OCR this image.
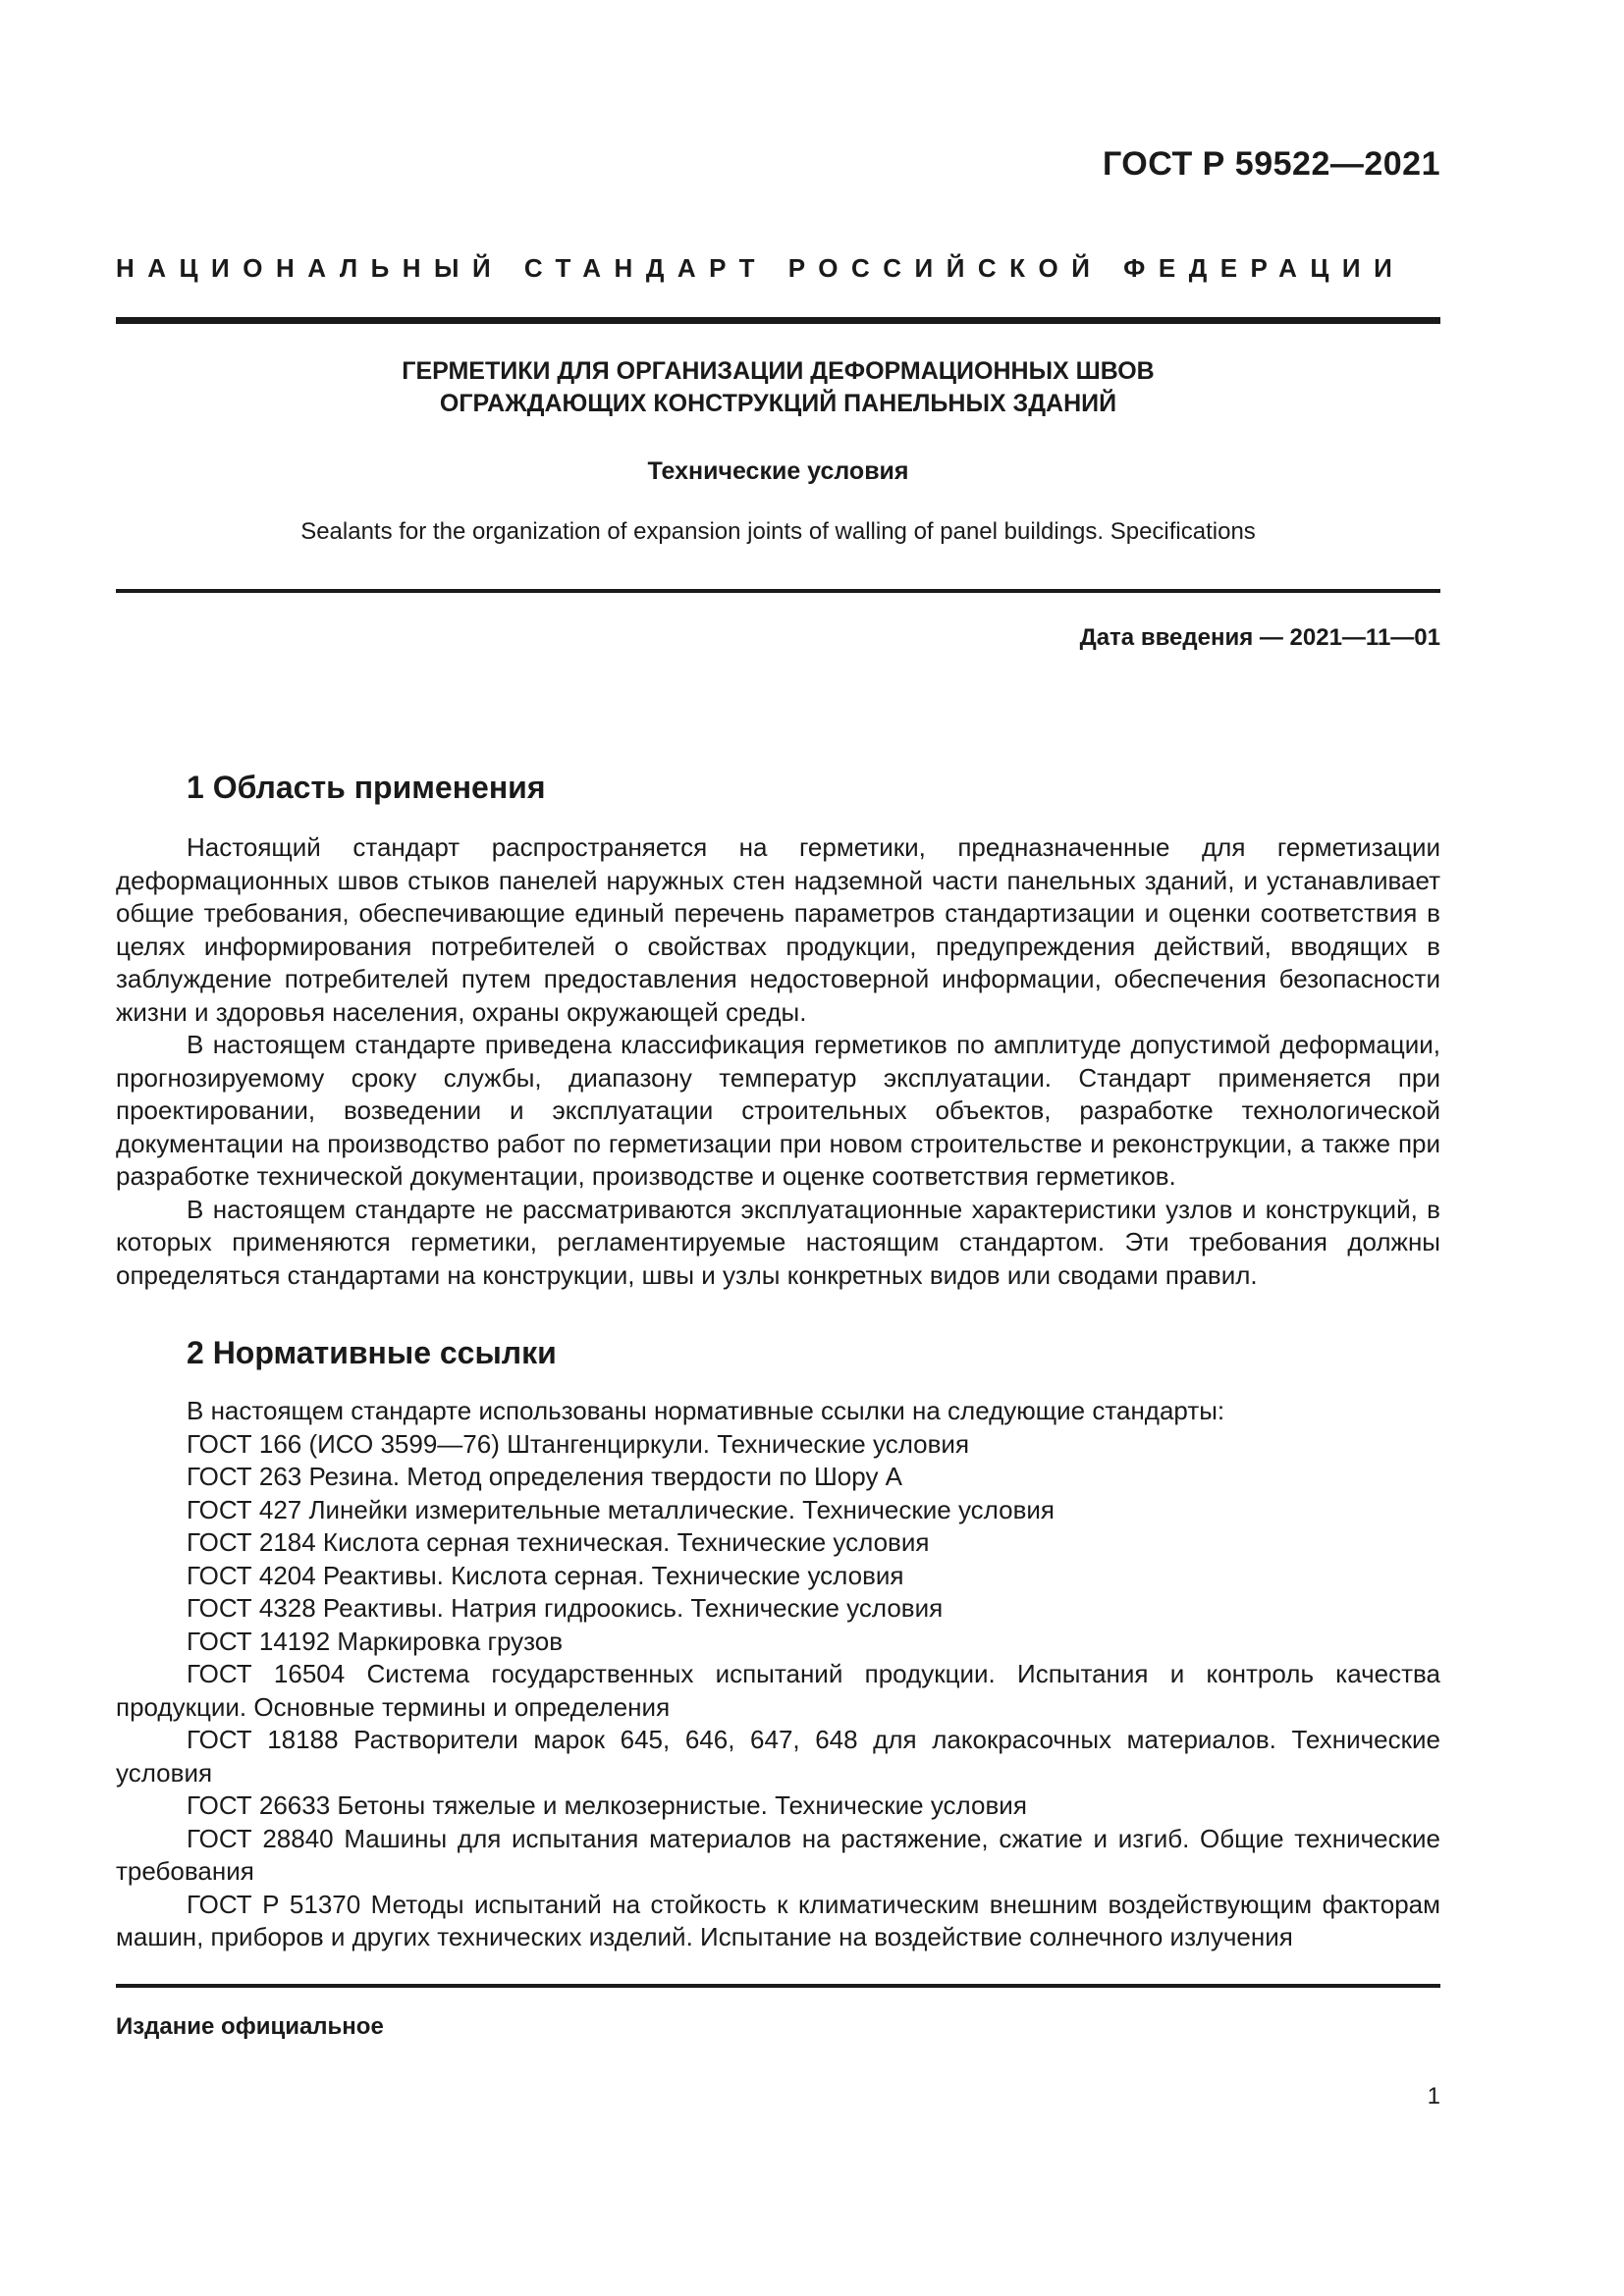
ГОСТ Р 59522—2021
НАЦИОНАЛЬНЫЙ СТАНДАРТ РОССИЙСКОЙ ФЕДЕРАЦИИ
ГЕРМЕТИКИ ДЛЯ ОРГАНИЗАЦИИ ДЕФОРМАЦИОННЫХ ШВОВ
ОГРАЖДАЮЩИХ КОНСТРУКЦИЙ ПАНЕЛЬНЫХ ЗДАНИЙ
Технические условия
Sealants for the organization of expansion joints of walling of panel buildings. Specifications
Дата введения — 2021—11—01
1 Область применения

Настоящий стандарт распространяется на герметики, предназначенные для герметизации деформационных швов стыков панелей наружных стен надземной части панельных зданий, и устанавливает общие требования, обеспечивающие единый перечень параметров стандартизации и оценки соответствия в целях информирования потребителей о свойствах продукции, предупреждения действий, вводящих в заблуждение потребителей путем предоставления недостоверной информации, обеспечения безопасности жизни и здоровья населения, охраны окружающей среды.

В настоящем стандарте приведена классификация герметиков по амплитуде допустимой деформации, прогнозируемому сроку службы, диапазону температур эксплуатации. Стандарт применяется при проектировании, возведении и эксплуатации строительных объектов, разработке технологической документации на производство работ по герметизации при новом строительстве и реконструкции, а также при разработке технической документации, производстве и оценке соответствия герметиков.

В настоящем стандарте не рассматриваются эксплуатационные характеристики узлов и конструкций, в которых применяются герметики, регламентируемые настоящим стандартом. Эти требования должны определяться стандартами на конструкции, швы и узлы конкретных видов или сводами правил.

2 Нормативные ссылки

В настоящем стандарте использованы нормативные ссылки на следующие стандарты:

ГОСТ 166 (ИСО 3599—76) Штангенциркули. Технические условия

ГОСТ 263 Резина. Метод определения твердости по Шору А

ГОСТ 427 Линейки измерительные металлические. Технические условия

ГОСТ 2184 Кислота серная техническая. Технические условия

ГОСТ 4204 Реактивы. Кислота серная. Технические условия

ГОСТ 4328 Реактивы. Натрия гидроокись. Технические условия

ГОСТ 14192 Маркировка грузов

ГОСТ 16504 Система государственных испытаний продукции. Испытания и контроль качества продукции. Основные термины и определения

ГОСТ 18188 Растворители марок 645, 646, 647, 648 для лакокрасочных материалов. Технические условия

ГОСТ 26633 Бетоны тяжелые и мелкозернистые. Технические условия

ГОСТ 28840 Машины для испытания материалов на растяжение, сжатие и изгиб. Общие технические требования

ГОСТ Р 51370 Методы испытаний на стойкость к климатическим внешним воздействующим факторам машин, приборов и других технических изделий. Испытание на воздействие солнечного излучения

Издание официальное
1
